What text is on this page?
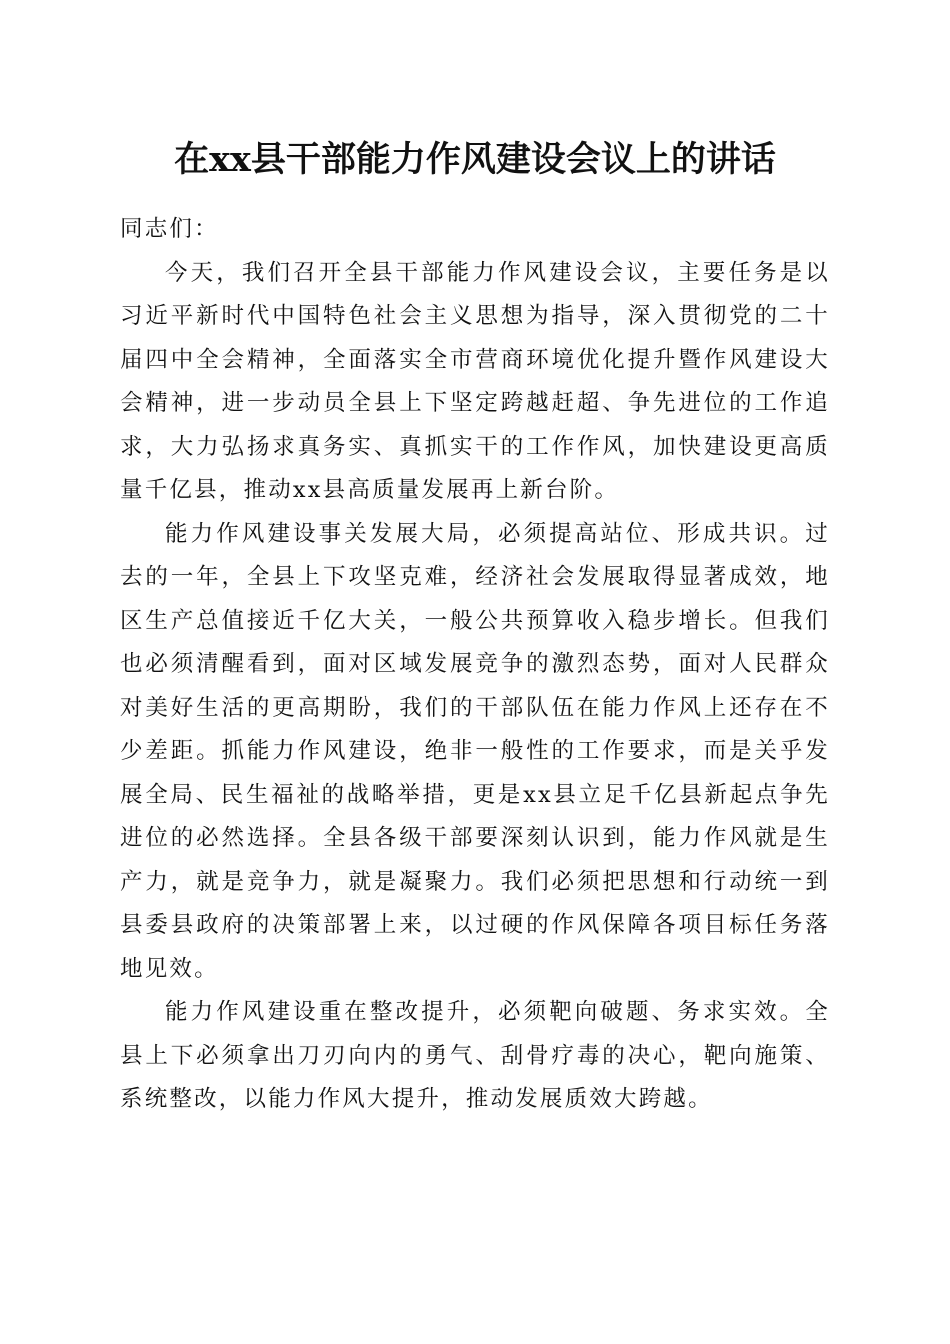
在xx县干部能力作风建设会议上的讲话

同志们：

今天，我们召开全县干部能力作风建设会议，主要任务是以习近平新时代中国特色社会主义思想为指导，深入贯彻党的二十届四中全会精神，全面落实全市营商环境优化提升暨作风建设大会精神，进一步动员全县上下坚定跨越赶超、争先进位的工作追求，大力弘扬求真务实、真抓实干的工作作风，加快建设更高质量千亿县，推动xx县高质量发展再上新台阶。

能力作风建设事关发展大局，必须提高站位、形成共识。过去的一年，全县上下攻坚克难，经济社会发展取得显著成效，地区生产总值接近千亿大关，一般公共预算收入稳步增长。但我们也必须清醒看到，面对区域发展竞争的激烈态势，面对人民群众对美好生活的更高期盼，我们的干部队伍在能力作风上还存在不少差距。抓能力作风建设，绝非一般性的工作要求，而是关乎发展全局、民生福祉的战略举措，更是xx县立足千亿县新起点争先进位的必然选择。全县各级干部要深刻认识到，能力作风就是生产力，就是竞争力，就是凝聚力。我们必须把思想和行动统一到县委县政府的决策部署上来，以过硬的作风保障各项目标任务落地见效。

能力作风建设重在整改提升，必须靶向破题、务求实效。全县上下必须拿出刀刃向内的勇气、刮骨疗毒的决心，靶向施策、系统整改，以能力作风大提升，推动发展质效大跨越。
